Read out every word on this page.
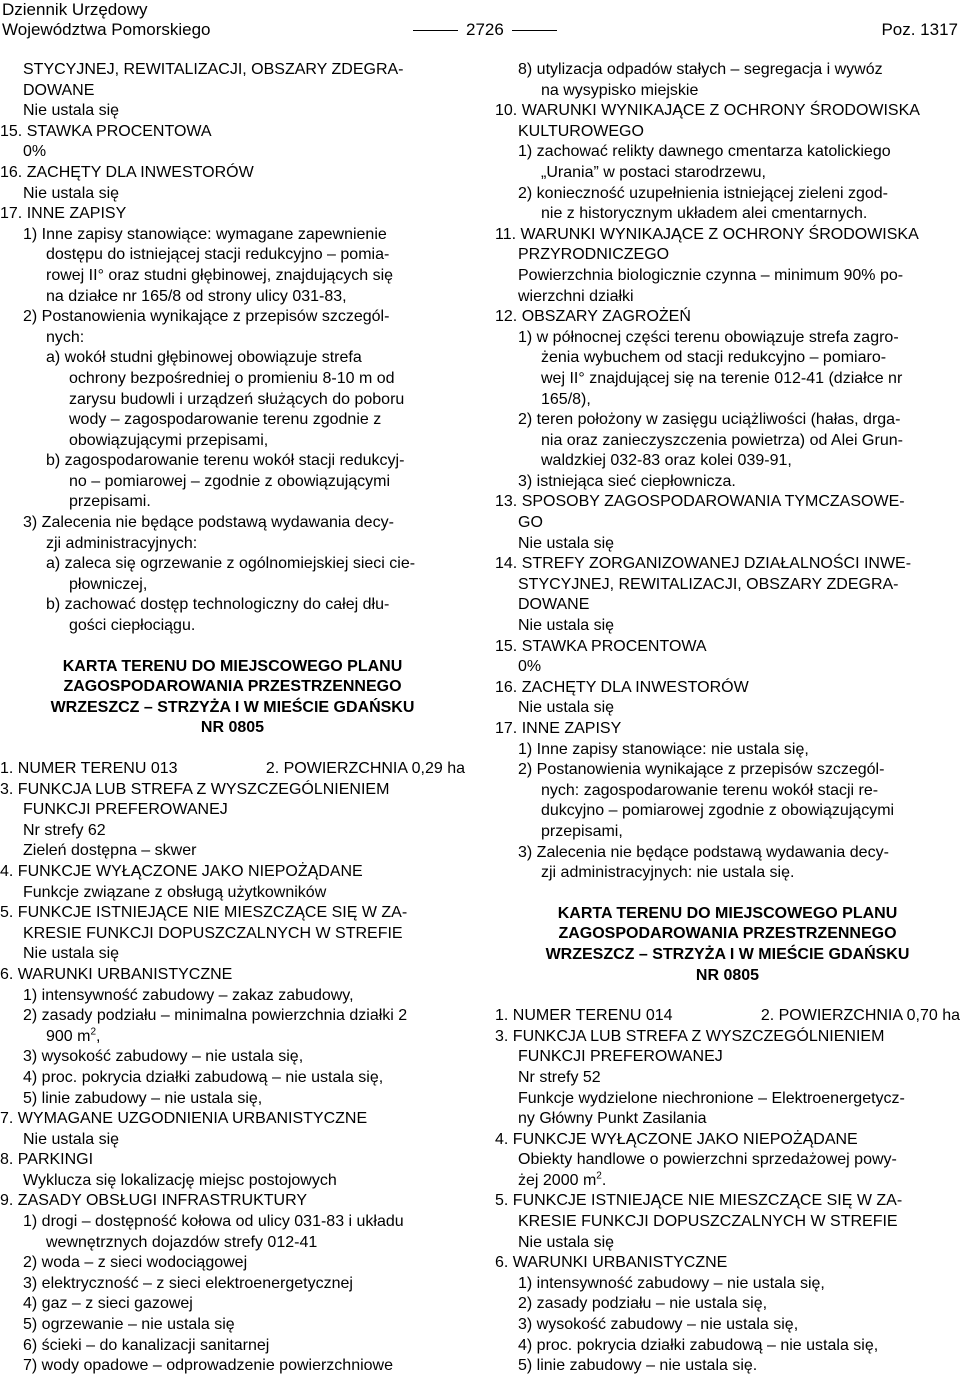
Dziennik Urzędowy
Województwa Pomorskiego	2726	Poz. 1317
STYCYJNEJ, REWITALIZACJI, OBSZARY ZDEGRA-
DOWANE
Nie ustala się
15. STAWKA PROCENTOWA
0%
16. ZACHĘTY DLA INWESTORÓW
Nie ustala się
17. INNE ZAPISY
1) Inne zapisy stanowiące: wymagane zapewnienie
dostępu do istniejącej stacji redukcyjno – pomia-
rowej II° oraz studni głębinowej, znajdujących się
na działce nr 165/8 od strony ulicy 031-83,
2) Postanowienia wynikające z przepisów szczegól-
nych:
a) wokół studni głębinowej obowiązuje strefa
ochrony bezpośredniej o promieniu 8-10 m od
zarysu budowli i urządzeń służących do poboru
wody – zagospodarowanie terenu zgodnie z
obowiązującymi przepisami,
b) zagospodarowanie terenu wokół stacji redukcyj-
no – pomiarowej – zgodnie z obowiązującymi
przepisami.
3) Zalecenia nie będące podstawą wydawania decy-
zji administracyjnych:
a) zaleca się ogrzewanie z ogólnomiejskiej sieci cie-
płowniczej,
b) zachować dostęp technologiczny do całej dłu-
gości ciepłociągu.
KARTA TERENU DO MIEJSCOWEGO PLANU
ZAGOSPODAROWANIA PRZESTRZENNEGO
WRZESZCZ – STRZYŻA I W MIEŚCIE GDAŃSKU
NR 0805
1. NUMER TERENU 013	2. POWIERZCHNIA 0,29 ha
3. FUNKCJA LUB STREFA Z WYSZCZEGÓLNIENIEM
FUNKCJI PREFEROWANEJ
Nr strefy 62
Zieleń dostępna – skwer
4. FUNKCJE WYŁĄCZONE JAKO NIEPOŻĄDANE
Funkcje związane z obsługą użytkowników
5. FUNKCJE ISTNIEJĄCE NIE MIESZCZĄCE SIĘ W ZA-
KRESIE FUNKCJI DOPUSZCZALNYCH W STREFIE
Nie ustala się
6. WARUNKI URBANISTYCZNE
1) intensywność zabudowy – zakaz zabudowy,
2) zasady podziału – minimalna powierzchnia działki 2
900 $m^2$,
3) wysokość zabudowy – nie ustala się,
4) proc. pokrycia działki zabudową – nie ustala się,
5) linie zabudowy – nie ustala się,
7. WYMAGANE UZGODNIENIA URBANISTYCZNE
Nie ustala się
8. PARKINGI
Wyklucza się lokalizację miejsc postojowych
9. ZASADY OBSŁUGI INFRASTRUKTURY
1) drogi – dostępność kołowa od ulicy 031-83 i układu
wewnętrznych dojazdów strefy 012-41
2) woda – z sieci wodociągowej
3) elektryczność – z sieci elektroenergetycznej
4) gaz – z sieci gazowej
5) ogrzewanie – nie ustala się
6) ścieki – do kanalizacji sanitarnej
7) wody opadowe – odprowadzenie powierzchniowe
8) utylizacja odpadów stałych – segregacja i wywóz
na wysypisko miejskie
10. WARUNKI WYNIKAJĄCE Z OCHRONY ŚRODOWISKA
KULTUROWEGO
1) zachować relikty dawnego cmentarza katolickiego
„Urania” w postaci starodrzewu,
2) konieczność uzupełnienia istniejącej zieleni zgod-
nie z historycznym układem alei cmentarnych.
11. WARUNKI WYNIKAJĄCE Z OCHRONY ŚRODOWISKA
PRZYRODNICZEGO
Powierzchnia biologicznie czynna – minimum 90% po-
wierzchni działki
12. OBSZARY ZAGROŻEŃ
1) w północnej części terenu obowiązuje strefa zagro-
żenia wybuchem od stacji redukcyjno – pomiaro-
wej II° znajdującej się na terenie 012-41 (działce nr
165/8),
2) teren położony w zasięgu uciążliwości (hałas, drga-
nia oraz zanieczyszczenia powietrza) od Alei Grun-
waldzkiej 032-83 oraz kolei 039-91,
3) istniejąca sieć ciepłownicza.
13. SPOSOBY ZAGOSPODAROWANIA TYMCZASOWE-
GO
Nie ustala się
14. STREFY ZORGANIZOWANEJ DZIAŁALNOŚCI INWE-
STYCYJNEJ, REWITALIZACJI, OBSZARY ZDEGRA-
DOWANE
Nie ustala się
15. STAWKA PROCENTOWA
0%
16. ZACHĘTY DLA INWESTORÓW
Nie ustala się
17. INNE ZAPISY
1) Inne zapisy stanowiące: nie ustala się,
2) Postanowienia wynikające z przepisów szczegól-
nych: zagospodarowanie terenu wokół stacji re-
dukcyjno – pomiarowej zgodnie z obowiązującymi
przepisami,
3) Zalecenia nie będące podstawą wydawania decy-
zji administracyjnych: nie ustala się.
KARTA TERENU DO MIEJSCOWEGO PLANU
ZAGOSPODAROWANIA PRZESTRZENNEGO
WRZESZCZ – STRZYŻA I W MIEŚCIE GDAŃSKU
NR 0805
1. NUMER TERENU 014	2. POWIERZCHNIA 0,70 ha
3. FUNKCJA LUB STREFA Z WYSZCZEGÓLNIENIEM
FUNKCJI PREFEROWANEJ
Nr strefy 52
Funkcje wydzielone niechronione – Elektroenergetycz-
ny Główny Punkt Zasilania
4. FUNKCJE WYŁĄCZONE JAKO NIEPOŻĄDANE
Obiekty handlowe o powierzchni sprzedażowej powy-
żej 2000 $m^2$.
5. FUNKCJE ISTNIEJĄCE NIE MIESZCZĄCE SIĘ W ZA-
KRESIE FUNKCJI DOPUSZCZALNYCH W STREFIE
Nie ustala się
6. WARUNKI URBANISTYCZNE
1) intensywność zabudowy – nie ustala się,
2) zasady podziału – nie ustala się,
3) wysokość zabudowy – nie ustala się,
4) proc. pokrycia działki zabudową – nie ustala się,
5) linie zabudowy – nie ustala się.
